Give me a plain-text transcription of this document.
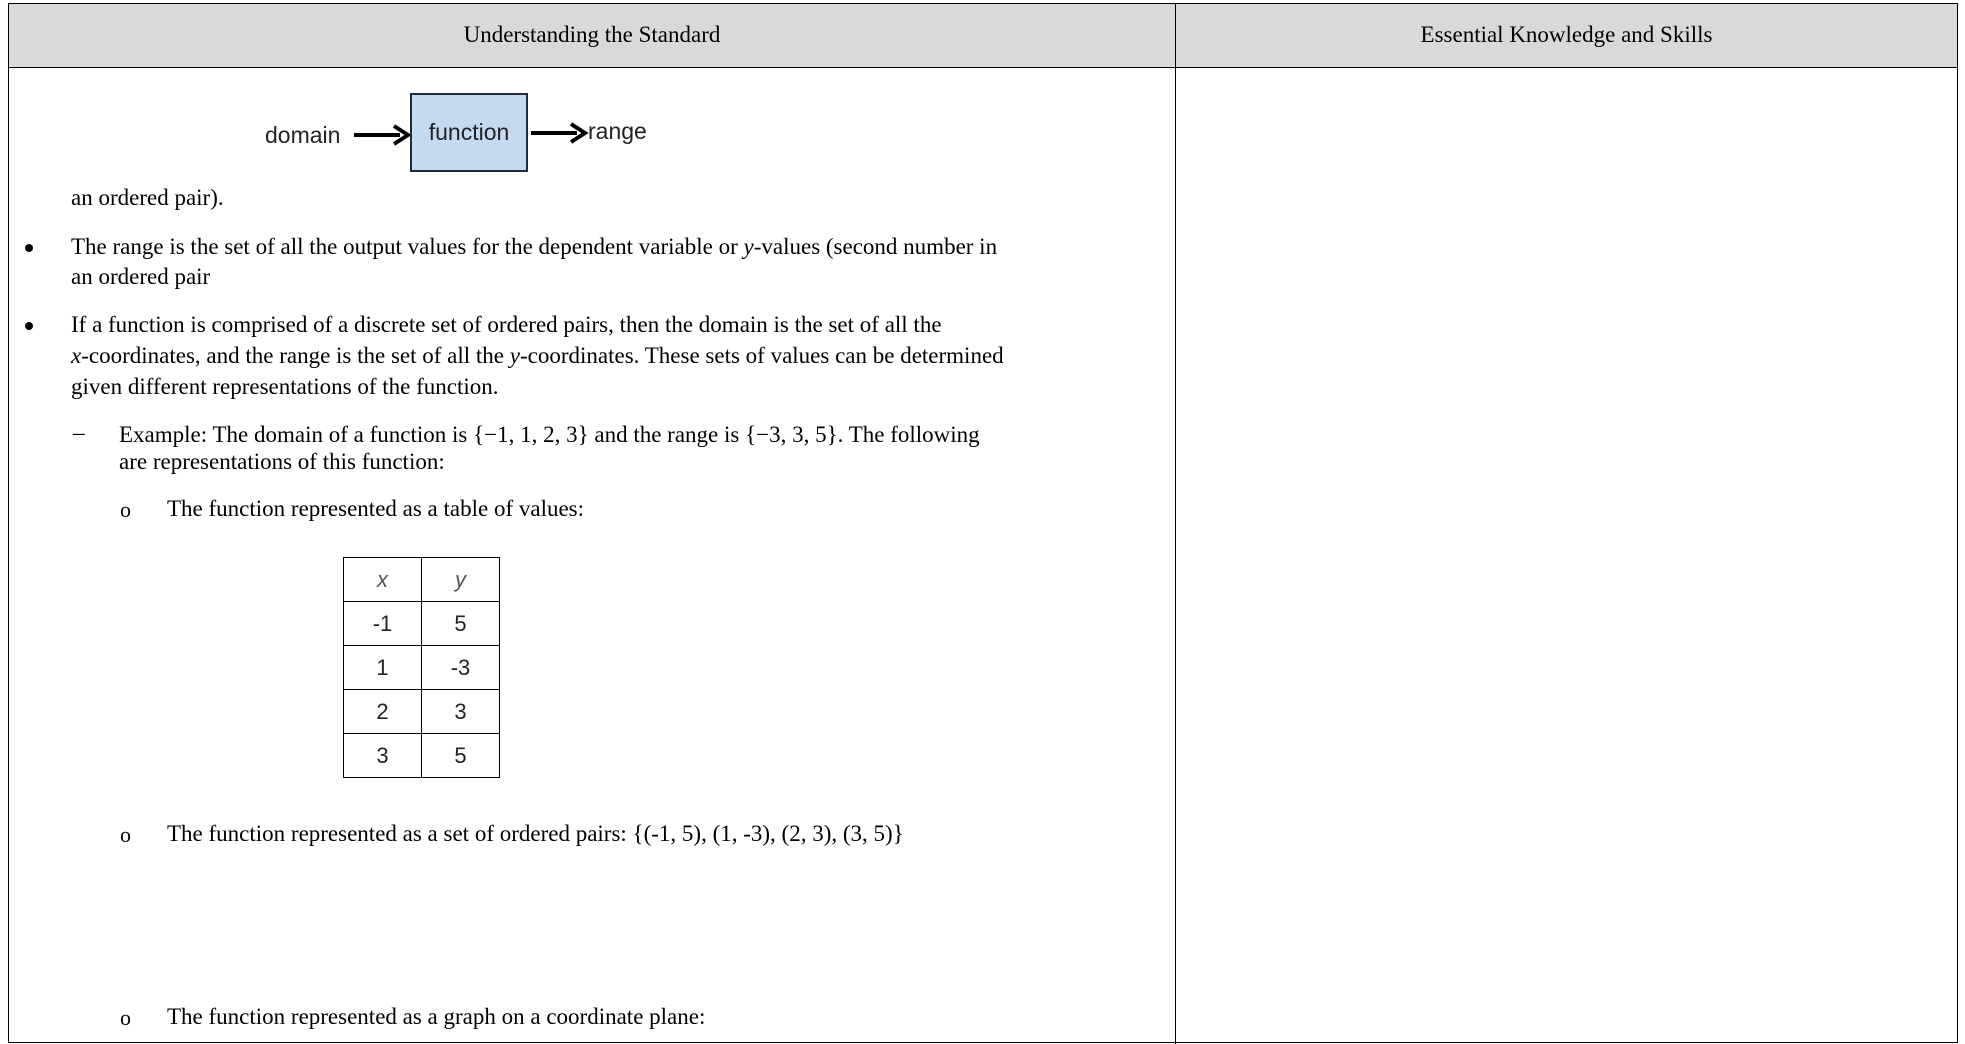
Understanding the Standard	Essential Knowledge and Skills
domain	function	range
an ordered pair).
The range is the set of all the output values for the dependent variable or y-values (second number in
an ordered pair
If a function is comprised of a discrete set of ordered pairs, then the domain is the set of all the
x-coordinates, and the range is the set of all the y-coordinates. These sets of values can be determined
given different representations of the function.
– Example: The domain of a function is {−1, 1, 2, 3} and the range is {−3, 3, 5}. The following
are representations of this function:
o The function represented as a table of values:
x	y
-1	5
1	-3
2	3
3	5
o The function represented as a set of ordered pairs: {(-1, 5), (1, -3), (2, 3), (3, 5)}
o The function represented as a graph on a coordinate plane:
